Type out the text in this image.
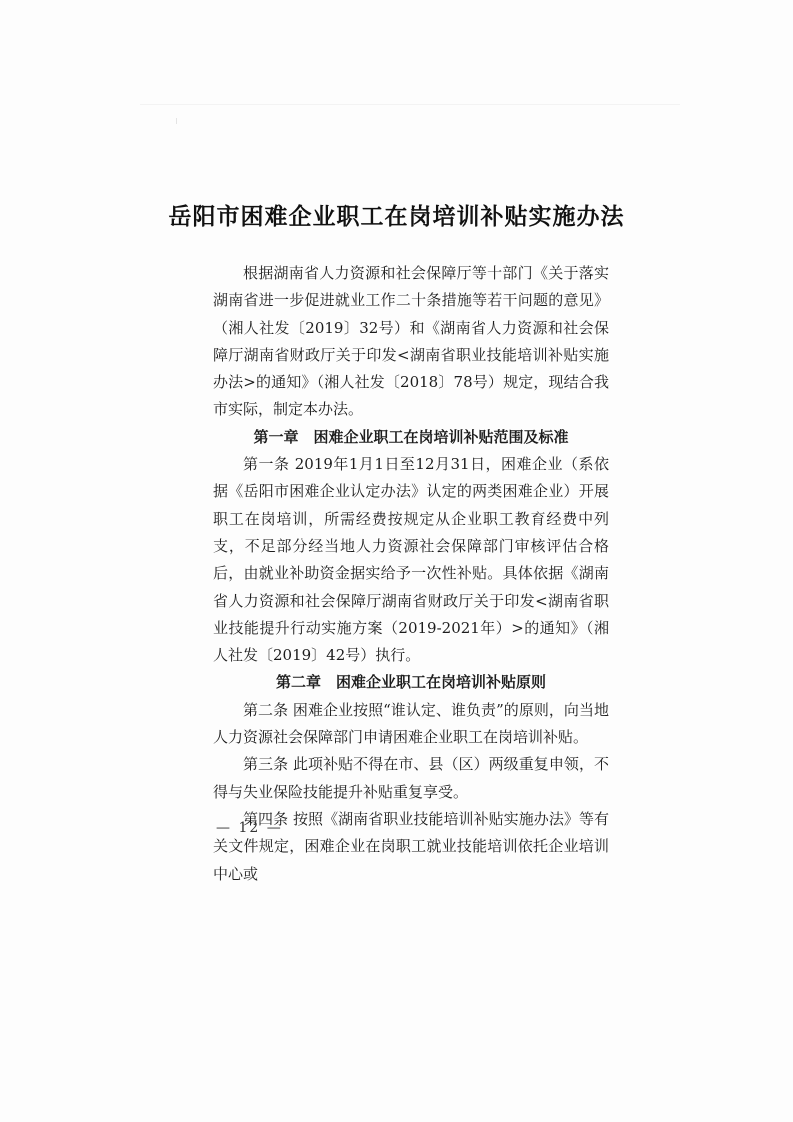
岳阳市困难企业职工在岗培训补贴实施办法

根据湖南省人力资源和社会保障厅等十部门《关于落实湖南省进一步促进就业工作二十条措施等若干问题的意见》（湘人社发〔2019〕32号）和《湖南省人力资源和社会保障厅湖南省财政厅关于印发<湖南省职业技能培训补贴实施办法>的通知》（湘人社发〔2018〕78号）规定，现结合我市实际，制定本办法。

第一章　困难企业职工在岗培训补贴范围及标准

第一条 2019年1月1日至12月31日，困难企业（系依据《岳阳市困难企业认定办法》认定的两类困难企业）开展职工在岗培训，所需经费按规定从企业职工教育经费中列支，不足部分经当地人力资源社会保障部门审核评估合格后，由就业补助资金据实给予一次性补贴。具体依据《湖南省人力资源和社会保障厅湖南省财政厅关于印发<湖南省职业技能提升行动实施方案（2019-2021年）>的通知》（湘人社发〔2019〕42号）执行。

第二章　困难企业职工在岗培训补贴原则

第二条 困难企业按照“谁认定、谁负责”的原则，向当地人力资源社会保障部门申请困难企业职工在岗培训补贴。

第三条 此项补贴不得在市、县（区）两级重复申领，不得与失业保险技能提升补贴重复享受。

第四条 按照《湖南省职业技能培训补贴实施办法》等有关文件规定，困难企业在岗职工就业技能培训依托企业培训中心或

— 12 —
